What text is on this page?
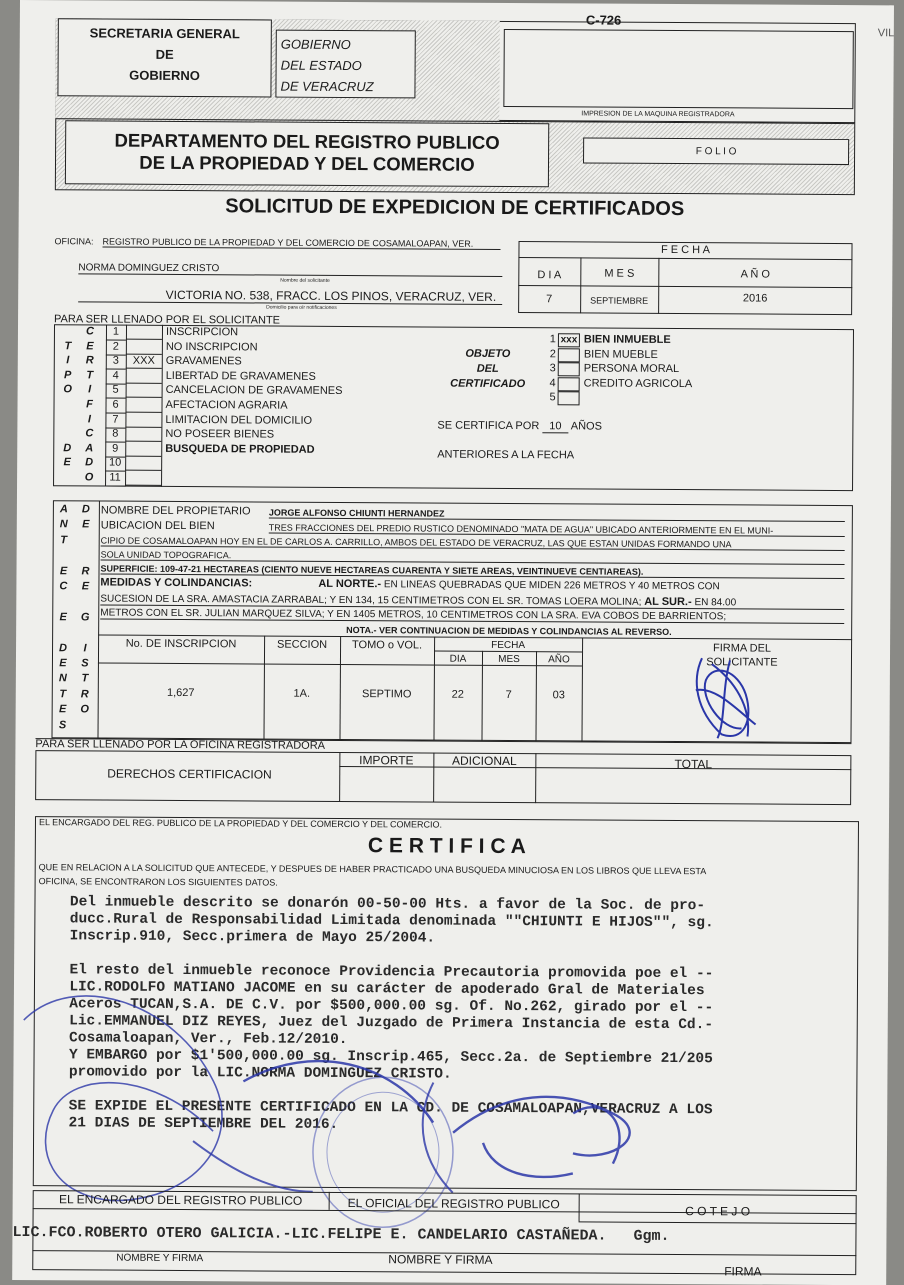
VIL
C-726
SECRETARIA GENERAL
DE
GOBIERNO
GOBIERNO
DEL ESTADO
DE VERACRUZ
IMPRESION DE LA MAQUINA REGISTRADORA
DEPARTAMENTO DEL REGISTRO PUBLICO
DE LA PROPIEDAD Y DEL COMERCIO	F O L I O
SOLICITUD DE EXPEDICION DE CERTIFICADOS
OFICINA: REGISTRO PUBLICO DE LA PROPIEDAD Y DEL COMERCIO DE COSAMALOAPAN, VER.
NORMA DOMINGUEZ CRISTO
Nombre del solicitante
VICTORIA NO. 538, FRACC. LOS PINOS, VERACRUZ, VER.
Domicilio para oír notificaciones
F E C H A
D I A	M E S	A Ñ O
7	SEPTIEMBRE	2016
PARA SER LLENADO POR EL SOLICITANTE
C
T	E
I	R
P	T
O	I
F
I
C
D	A
E	D
O
1	INSCRIPCION
2	NO INSCRIPCION
3	XXX GRAVAMENES
4	LIBERTAD DE GRAVAMENES
5	CANCELACION DE GRAVAMENES
6	AFECTACION AGRARIA
7	LIMITACION DEL DOMICILIO
8	NO POSEER BIENES
9	BUSQUEDA DE PROPIEDAD
10
11
OBJETO
DEL
CERTIFICADO
1 xxx BIEN INMUEBLE
2	BIEN MUEBLE
3	PERSONA MORAL
4	CREDITO AGRICOLA
5
SE CERTIFICA POR 10 AÑOS
ANTERIORES A LA FECHA
A	D
N	E
T
E	R
C	E
E	G
D	I
E	S
N	T
T	R
E	O
S
NOMBRE DEL PROPIETARIO JORGE ALFONSO CHIUNTI HERNANDEZ
UBICACION DEL BIEN	TRES FRACCIONES DEL PREDIO RUSTICO DENOMINADO "MATA DE AGUA" UBICADO ANTERIORMENTE EN EL MUNI-
CIPIO DE COSAMALOAPAN HOY EN EL DE CARLOS A. CARRILLO, AMBOS DEL ESTADO DE VERACRUZ, LAS QUE ESTAN UNIDAS FORMANDO UNA
SOLA UNIDAD TOPOGRAFICA.
SUPERFICIE: 109-47-21 HECTAREAS (CIENTO NUEVE HECTAREAS CUARENTA Y SIETE AREAS, VEINTINUEVE CENTIAREAS).
MEDIDAS Y COLINDANCIAS:	AL NORTE.- EN LINEAS QUEBRADAS QUE MIDEN 226 METROS Y 40 METROS CON
SUCESION DE LA SRA. AMASTACIA ZARRABAL; Y EN 134, 15 CENTIMETROS CON EL SR. TOMAS LOERA MOLINA; AL SUR.- EN 84.00
METROS CON EL SR. JULIAN MARQUEZ SILVA; Y EN 1405 METROS, 10 CENTIMETROS CON LA SRA. EVA COBOS DE BARRIENTOS;
NOTA.- VER CONTINUACION DE MEDIDAS Y COLINDANCIAS AL REVERSO.
No. DE INSCRIPCION	SECCION	TOMO o VOL.	FECHA
DIA	MES	AÑO
FIRMA DEL SOLICITANTE
1,627	1A.	SEPTIMO	22	7	03
PARA SER LLENADO POR LA OFICINA REGISTRADORA
DERECHOS CERTIFICACION
IMPORTE	ADICIONAL	TOTAL
EL ENCARGADO DEL REG. PUBLICO DE LA PROPIEDAD Y DEL COMERCIO Y DEL COMERCIO.
C E R T I F I C A
QUE EN RELACION A LA SOLICITUD QUE ANTECEDE, Y DESPUES DE HABER PRACTICADO UNA BUSQUEDA MINUCIOSA EN LOS LIBROS QUE LLEVA ESTA
OFICINA, SE ENCONTRARON LOS SIGUIENTES DATOS.
Del inmueble descrito se donarón 00-50-00 Hts. a favor de la Soc. de pro-
ducc.Rural de Responsabilidad Limitada denominada ""CHIUNTI E HIJOS"", sg.
Inscrip.910, Secc.primera de Mayo 25/2004.
El resto del inmueble reconoce Providencia Precautoria promovida poe el --
LIC.RODOLFO MATIANO JACOME en su carácter de apoderado Gral de Materiales
Aceros TUCAN,S.A. DE C.V. por $500,000.00 sg. Of. No.262, girado por el --
Lic.EMMANUEL DIZ REYES, Juez del Juzgado de Primera Instancia de esta Cd.-
Cosamaloapan, Ver., Feb.12/2010.
Y EMBARGO por $1'500,000.00 sg. Inscrip.465, Secc.2a. de Septiembre 21/205
promovido por la LIC.NORMA DOMINGUEZ CRISTO.
SE EXPIDE EL PRESENTE CERTIFICADO EN LA CD. DE COSAMALOAPAN,VERACRUZ A LOS
21 DIAS DE SEPTIEMBRE DEL 2016.
EL ENCARGADO DEL REGISTRO PUBLICO	EL OFICIAL DEL REGISTRO PUBLICO	C O T E J O
LIC.FCO.ROBERTO OTERO GALICIA.-LIC.FELIPE E. CANDELARIO CASTAÑEDA.   Ggm.
NOMBRE Y FIRMA	NOMBRE Y FIRMA
FIRMA
